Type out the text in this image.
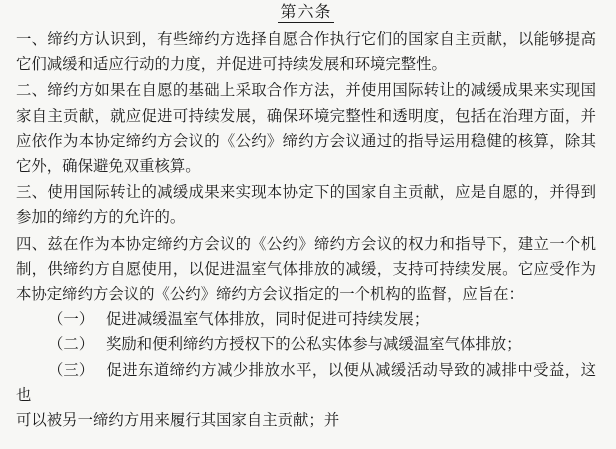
第六条

一、缔约方认识到，有些缔约方选择自愿合作执行它们的国家自主贡献，以能够提高它们减缓和适应行动的力度，并促进可持续发展和环境完整性。

二、缔约方如果在自愿的基础上采取合作方法，并使用国际转让的减缓成果来实现国家自主贡献，就应促进可持续发展，确保环境完整性和透明度，包括在治理方面，并应依作为本协定缔约方会议的《公约》缔约方会议通过的指导运用稳健的核算，除其它外，确保避免双重核算。

三、使用国际转让的减缓成果来实现本协定下的国家自主贡献，应是自愿的，并得到参加的缔约方的允许的。

四、兹在作为本协定缔约方会议的《公约》缔约方会议的权力和指导下，建立一个机制，供缔约方自愿使用，以促进温室气体排放的减缓，支持可持续发展。它应受作为本协定缔约方会议的《公约》缔约方会议指定的一个机构的监督，应旨在：

（一） 促进减缓温室气体排放，同时促进可持续发展；

（二） 奖励和便利缔约方授权下的公私实体参与减缓温室气体排放；

（三） 促进东道缔约方减少排放水平，以便从减缓活动导致的减排中受益，这也
可以被另一缔约方用来履行其国家自主贡献；并
